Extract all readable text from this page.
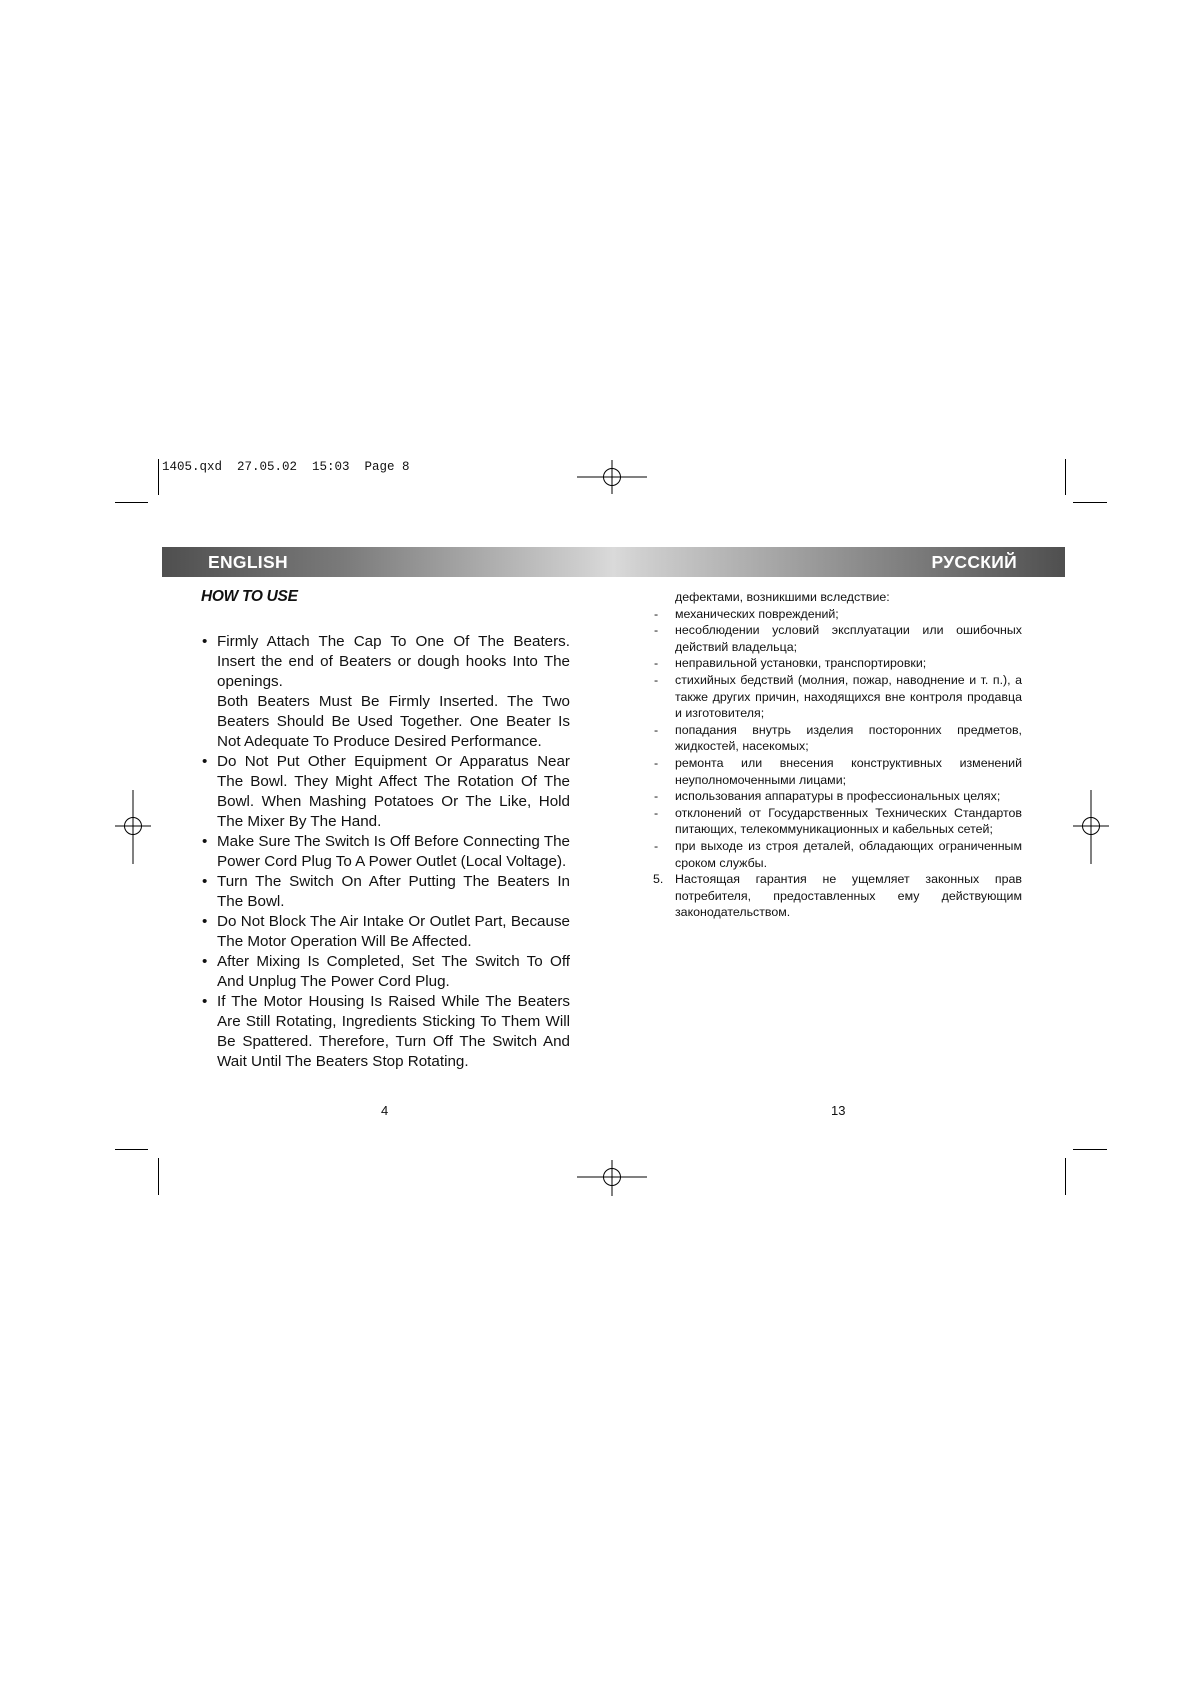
1405.qxd  27.05.02  15:03  Page 8
ENGLISH	РУССКИЙ
HOW TO USE

• Firmly Attach The Cap To One Of The Beaters. Insert the end of Beaters or dough hooks Into The openings.

Both Beaters Must Be Firmly Inserted. The Two Beaters Should Be Used Together. One Beater Is Not Adequate To Produce Desired Performance.

• Do Not Put Other Equipment Or Apparatus Near The Bowl. They Might Affect The Rotation Of The Bowl. When Mashing Potatoes Or The Like, Hold The Mixer By The Hand.

• Make Sure The Switch Is Off Before Connecting The Power Cord Plug To A Power Outlet (Local Voltage).

• Turn The Switch On After Putting The Beaters In The Bowl.

• Do Not Block The Air Intake Or Outlet Part, Because The Motor Operation Will Be Affected.

• After Mixing Is Completed, Set The Switch To Off And Unplug The Power Cord Plug.

• If The Motor Housing Is Raised While The Beaters Are Still Rotating, Ingredients Sticking To Them Will Be Spattered. Therefore, Turn Off The Switch And Wait Until The Beaters Stop Rotating.

дефектами, возникшими вследствие:
- механических повреждений;
- несоблюдении условий эксплуатации или ошибочных действий владельца;
- неправильной установки, транспортировки;
- стихийных бедствий (молния, пожар, наводнение и т. п.), а также других причин, находящихся вне контроля продавца и изготовителя;
- попадания внутрь изделия посторонних предметов, жидкостей, насекомых;
- ремонта или внесения конструктивных изменений неуполномоченными лицами;
- использования аппаратуры в профессиональных целях;
- отклонений от Государственных Технических Стандартов питающих, телекоммуникационных и кабельных сетей;
- при выходе из строя деталей, обладающих ограниченным сроком службы.
5. Настоящая гарантия не ущемляет законных прав потребителя, предоставленных ему действующим законодательством.
4	13
